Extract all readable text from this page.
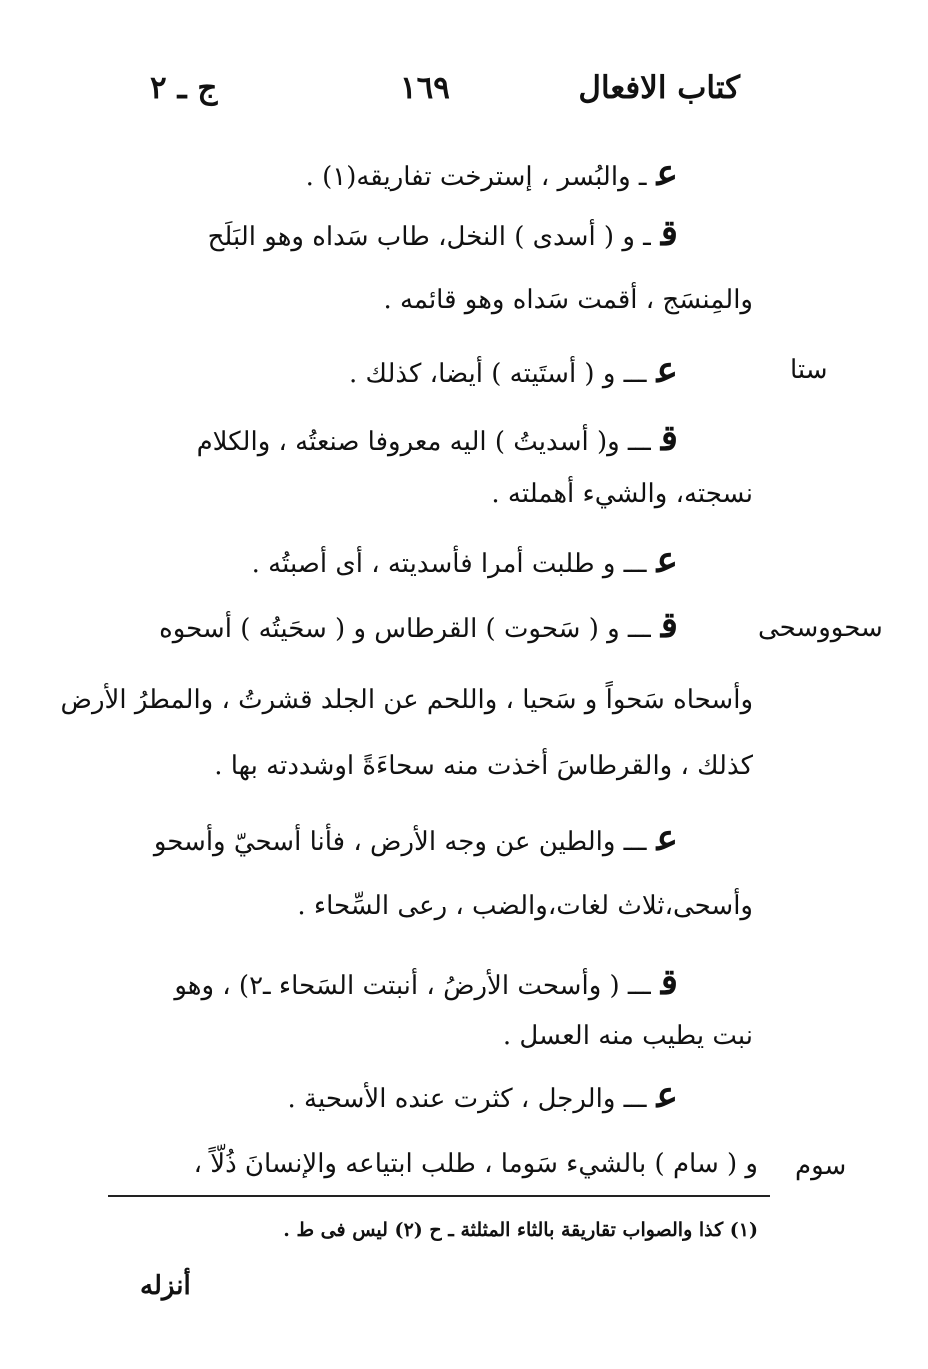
كتاب الافعال
١٦٩
ج ـ ٢
عـ والبُسر ، إسترخت تفاريقه(١) .
قـ و ( أسدى ) النخل، طاب سَداه وهو البَلَح
والمِنسَج ، أقمت سَداه وهو قائمه .
ستا
عـــ و ( أستَيته ) أيضا، كذلك .
قـــ و( أسديتُ ) اليه معروفا صنعتُه ، والكلام
نسجته، والشيء أهملته .
عـــ و طلبت أمرا فأسديته ، أى أصبتُه .
سحووسحى
قـــ و ( سَحوت ) القرطاس و ( سحَيتُه ) أسحوه
وأسحاه سَحواً و سَحيا ، واللحم عن الجلد قشرتُ ، والمطرُ الأرض
كذلك ، والقرطاسَ أخذت منه سحاءَةً اوشددته بها .
عـــ والطين عن وجه الأرض ، فأنا أسحيّ وأسحو
وأسحى،ثلاث لغات،والضب ، رعى السِّحاء .
قـــ ( وأسحت الأرضُ ، أنبتت السَحاء ـ٢) ، وهو
نبت يطيب منه العسل .
عـــ والرجل ، كثرت عنده الأسحية .
سوم
و ( سام ) بالشيء سَوما ، طلب ابتياعه والإنسانَ ذُلّاً ،
(١) كذا والصواب تقاريقة بالثاء المثلثة ـ ح (٢) ليس فى ط .
أنزله
